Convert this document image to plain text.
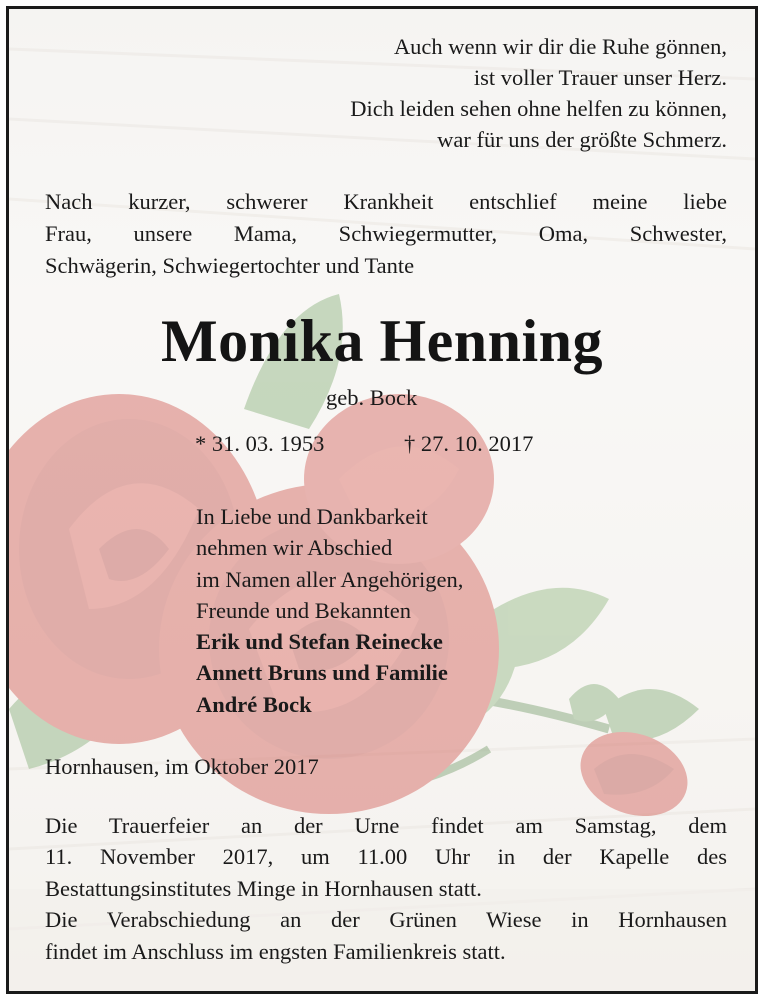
Auch wenn wir dir die Ruhe gönnen,
ist voller Trauer unser Herz.
Dich leiden sehen ohne helfen zu können,
war für uns der größte Schmerz.
Nach kurzer, schwerer Krankheit entschlief meine liebe
Frau, unsere Mama, Schwiegermutter, Oma, Schwester,
Schwägerin, Schwiegertochter und Tante
Monika Henning
geb. Bock
* 31. 03. 1953	† 27. 10. 2017
In Liebe und Dankbarkeit
nehmen wir Abschied
im Namen aller Angehörigen,
Freunde und Bekannten
Erik und Stefan Reinecke
Annett Bruns und Familie
André Bock
Hornhausen, im Oktober 2017
Die Trauerfeier an der Urne findet am Samstag, dem
11. November 2017, um 11.00 Uhr in der Kapelle des
Bestattungsinstitutes Minge in Hornhausen statt.
Die Verabschiedung an der Grünen Wiese in Hornhausen
findet im Anschluss im engsten Familienkreis statt.
